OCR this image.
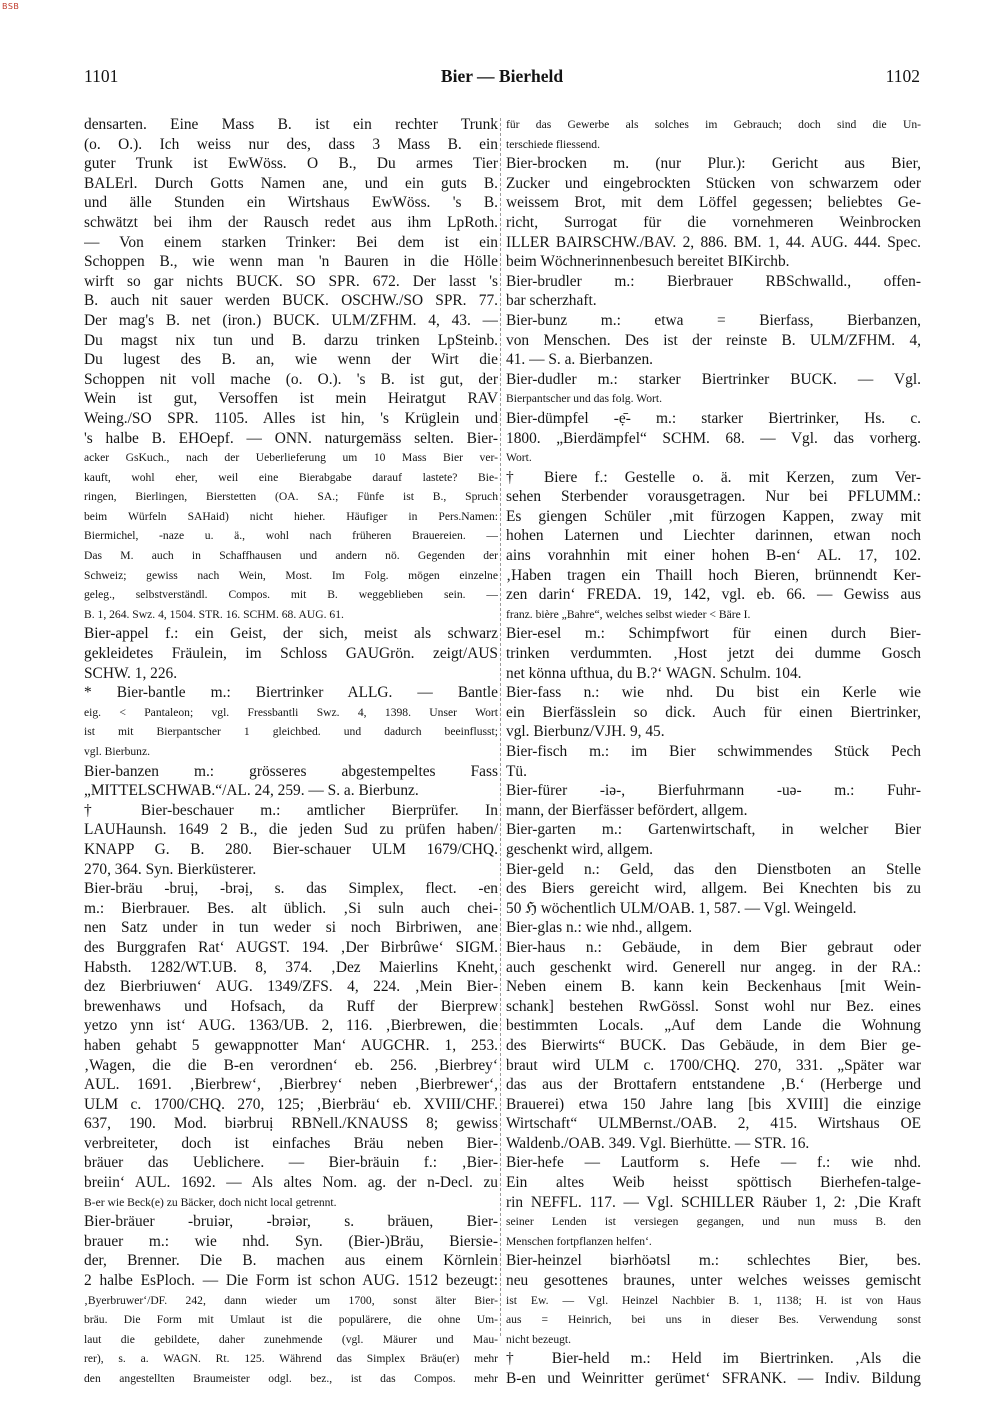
BSB
1101	Bier — Bierheld	1102
densarten. Eine Mass B. ist ein rechter Trunk
(o. O.). Ich weiss nur des, dass 3 Mass B. ein
guter Trunk ist EwWöss. O B., Du armes Tier
BALErl. Durch Gotts Namen ane, und ein guts B.
und älle Stunden ein Wirtshaus EwWöss. 's B.
schwätzt bei ihm der Rausch redet aus ihm LpRoth.
— Von einem starken Trinker: Bei dem ist ein
Schoppen B., wie wenn man 'n Bauren in die Hölle
wirft so gar nichts BUCK. SO SPR. 672. Der lasst 's
B. auch nit sauer werden BUCK. OSCHW./SO SPR. 77.
Der mag's B. net (iron.) BUCK. ULM/ZFHM. 4, 43. —
Du magst nix tun und B. darzu trinken LpSteinb.
Du lugest des B. an, wie wenn der Wirt die
Schoppen nit voll mache (o. O.). 's B. ist gut, der
Wein ist gut, Versoffen ist mein Heiratgut RAV
Weing./SO SPR. 1105. Alles ist hin, 's Krüglein und
's halbe B. EHOepf. — ONN. naturgemäss selten. Bier-
acker GsKuch., nach der Ueberlieferung um 10 Mass Bier ver-
kauft, wohl eher, weil eine Bierabgabe darauf lastete? Bie-
ringen, Bierlingen, Bierstetten (OA. SA.; Fünfe ist B., Spruch
beim Würfeln SAHaid) nicht hieher. Häufiger in Pers.Namen:
Biermichel, -naze u. ä., wohl nach früheren Brauereien. —
Das M. auch in Schaffhausen und andern nö. Gegenden der
Schweiz; gewiss nach Wein, Most. Im Folg. mögen einzelne
geleg., selbstverständl. Compos. mit B. weggeblieben sein. —
B. 1, 264. Swz. 4, 1504. STR. 16. SCHM. 68. AUG. 61.
Bier-appel f.: ein Geist, der sich, meist als schwarz
gekleidetes Fräulein, im Schloss GAUGrön. zeigt/AUS
SCHW. 1, 226.
* Bier-bantle m.: Biertrinker ALLG. — Bantle
eig. < Pantaleon; vgl. Fressbantli Swz. 4, 1398. Unser Wort
ist mit Bierpantscher 1 gleichbed. und dadurch beeinflusst;
vgl. Bierbunz.
Bier-banzen m.: grösseres abgestempeltes Fass
„MITTELSCHWAB.“/AL. 24, 259. — S. a. Bierbunz.
† Bier-beschauer m.: amtlicher Bierprüfer. In
LAUHaunsh. 1649 2 B., die jeden Sud zu prüfen haben/
KNAPP G. B. 280. Bier-schauer ULM 1679/CHQ.
270, 364. Syn. Bierküsterer.
Bier-bräu -bruị, -brəị, s. das Simplex, flect. -en
m.: Bierbrauer. Bes. alt üblich. ‚Si suln auch chei-
nen Satz under in tun weder si noch Birbriwen, ane
des Burggrafen Rat‘ AUGST. 194. ‚Der Birbrûwe‘ SIGM.
Habsth. 1282/WT.UB. 8, 374. ‚Dez Maierlins Kneht,
dez Bierbriuwen‘ AUG. 1349/ZFS. 4, 224. ‚Mein Bier-
brewenhaws und Hofsach, da Ruff der Bierprew
yetzo ynn ist‘ AUG. 1363/UB. 2, 116. ‚Bierbrewen, die
haben gehabt 5 gewappnotter Man‘ AUGCHR. 1, 253.
‚Wagen, die die B-en verordnen‘ eb. 256. ‚Bierbrey‘
AUL. 1691. ‚Bierbrew‘, ‚Bierbrey‘ neben ‚Bierbrewer‘,
ULM c. 1700/CHQ. 270, 125; ‚Bierbräu‘ eb. XVIII/CHF.
637, 190. Mod. biərbruị RBNell./KNAUSS 8; gewiss
verbreiteter, doch ist einfaches Bräu neben Bier-
bräuer das Ueblichere. — Bier-bräuin f.: ‚Bier-
breiin‘ AUL. 1692. — Als altes Nom. ag. der n-Decl. zu
B-er wie Beck(e) zu Bäcker, doch nicht local getrennt.
Bier-bräuer -bruiər, -brəiər, s. bräuen, Bier-
brauer m.: wie nhd. Syn. (Bier-)Bräu, Biersie-
der, Brenner. Die B. machen aus einem Körnlein
2 halbe EsPloch. — Die Form ist schon AUG. 1512 bezeugt:
‚Byerbruwer‘/DF. 242, dann wieder um 1700, sonst älter Bier-
bräu. Die Form mit Umlaut ist die populärere, die ohne Um-
laut die gebildete, daher zunehmende (vgl. Mäurer und Mau-
rer), s. a. WAGN. Rt. 125. Während das Simplex Bräu(er) mehr
den angestellten Braumeister odgl. bez., ist das Compos. mehr
für das Gewerbe als solches im Gebrauch; doch sind die Un-
terschiede fliessend.
Bier-brocken m. (nur Plur.): Gericht aus Bier,
Zucker und eingebrockten Stücken von schwarzem oder
weissem Brot, mit dem Löffel gegessen; beliebtes Ge-
richt, Surrogat für die vornehmeren Weinbrocken
ILLER BAIRSCHW./BAV. 2, 886. BM. 1, 44. AUG. 444. Spec.
beim Wöchnerinnenbesuch bereitet BIKirchb.
Bier-brudler m.: Bierbrauer RBSchwalld., offen-
bar scherzhaft.
Bier-bunz m.: etwa = Bierfass, Bierbanzen,
von Menschen. Des ist der reinste B. ULM/ZFHM. 4,
41. — S. a. Bierbanzen.
Bier-dudler m.: starker Biertrinker BUCK. — Vgl.
Bierpantscher und das folg. Wort.
Bier-dümpfel -ẹ̄- m.: starker Biertrinker, Hs. c.
1800. „Bierdämpfel“ SCHM. 68. — Vgl. das vorherg.
Wort.
† Biere f.: Gestelle o. ä. mit Kerzen, zum Ver-
sehen Sterbender vorausgetragen. Nur bei PFLUMM.:
Es giengen Schüler ‚mit fürzogen Kappen, zway mit
hohen Laternen und Liechter darinnen, etwan noch
ains vorahnhin mit einer hohen B-en‘ AL. 17, 102.
‚Haben tragen ein Thaill hoch Bieren, brünnendt Ker-
zen darin‘ FREDA. 19, 142, vgl. eb. 66. — Gewiss aus
franz. bière „Bahre“, welches selbst wieder < Bäre I.
Bier-esel m.: Schimpfwort für einen durch Bier-
trinken verdummten. ‚Host jetzt dei dumme Gosch
net könna ufthua, du B.?‘ WAGN. Schulm. 104.
Bier-fass n.: wie nhd. Du bist ein Kerle wie
ein Bierfässlein so dick. Auch für einen Biertrinker,
vgl. Bierbunz/VJH. 9, 45.
Bier-fisch m.: im Bier schwimmendes Stück Pech
Tü.
Bier-fürer -iə-, Bierfuhrmann -uə- m.: Fuhr-
mann, der Bierfässer befördert, allgem.
Bier-garten m.: Gartenwirtschaft, in welcher Bier
geschenkt wird, allgem.
Bier-geld n.: Geld, das den Dienstboten an Stelle
des Biers gereicht wird, allgem. Bei Knechten bis zu
50 ℌ wöchentlich ULM/OAB. 1, 587. — Vgl. Weingeld.
Bier-glas n.: wie nhd., allgem.
Bier-haus n.: Gebäude, in dem Bier gebraut oder
auch geschenkt wird. Generell nur angeg. in der RA.:
Neben einem B. kann kein Beckenhaus [mit Wein-
schank] bestehen RwGössl. Sonst wohl nur Bez. eines
bestimmten Locals. „Auf dem Lande die Wohnung
des Bierwirts“ BUCK. Das Gebäude, in dem Bier ge-
braut wird ULM c. 1700/CHQ. 270, 331. „Später war
das aus der Brottafern entstandene ‚B.‘ (Herberge und
Brauerei) etwa 150 Jahre lang [bis XVIII] die einzige
Wirtschaft“ ULMBernst./OAB. 2, 415. Wirtshaus OE
Waldenb./OAB. 349. Vgl. Bierhütte. — STR. 16.
Bier-hefe — Lautform s. Hefe — f.: wie nhd.
Ein altes Weib heisst spöttisch Bierhefen-talge-
rin NEFFL. 117. — Vgl. SCHILLER Räuber 1, 2: ‚Die Kraft
seiner Lenden ist versiegen gegangen, und nun muss B. den
Menschen fortpflanzen helfen‘.
Bier-heinzel biərhöətsl m.: schlechtes Bier, bes.
neu gesottenes braunes, unter welches weisses gemischt
ist Ew. — Vgl. Heinzel Nachbier B. 1, 1138; H. ist von Haus
aus = Heinrich, bei uns in dieser Bes. Verwendung sonst
nicht bezeugt.
† Bier-held m.: Held im Biertrinken. ‚Als die
B-en und Weinritter gerümet‘ SFRANK. — Indiv. Bildung
